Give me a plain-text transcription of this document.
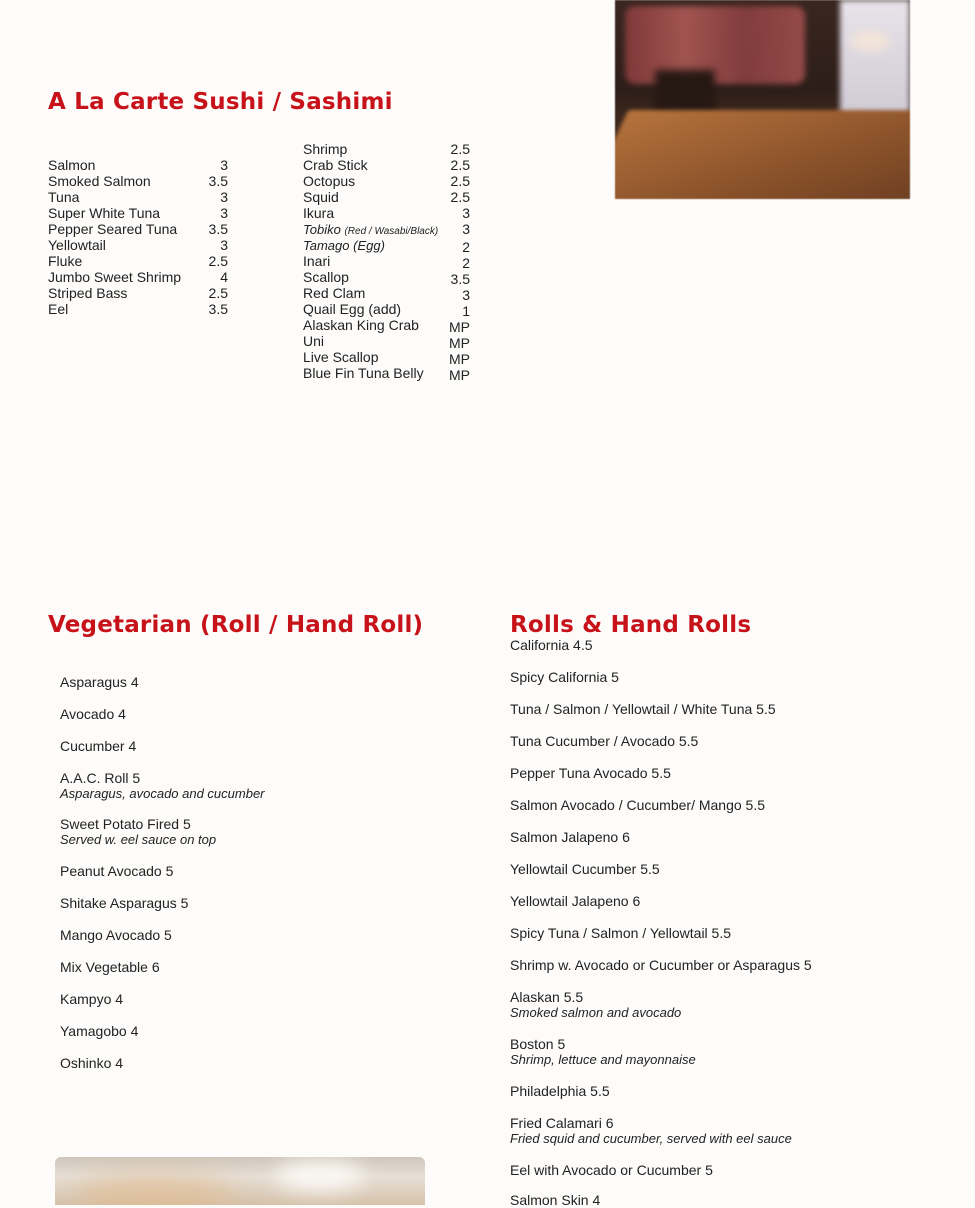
A La Carte Sushi / Sashimi
Salmon	3
Smoked Salmon	3.5
Tuna	3
Super White Tuna	3
Pepper Seared Tuna 3.5
Yellowtail	3
Fluke	2.5
Jumbo Sweet Shrimp	4
Striped Bass	2.5
Eel	3.5
Shrimp	2.5
Crab Stick	2.5
Octopus	2.5
Squid	2.5
Ikura	3
Tobiko (Red / Wasabi/Black) 3
Tamago (Egg)	2
Inari	2
Scallop	3.5
Red Clam	3
Quail Egg (add)	1
Alaskan King Crab MP
Uni	MP
Live Scallop	MP
Blue Fin Tuna Belly MP
Vegetarian (Roll / Hand Roll)
Asparagus 4
Avocado 4
Cucumber 4
A.A.C. Roll 5
Asparagus, avocado and cucumber
Sweet Potato Fired 5
Served w. eel sauce on top
Peanut Avocado 5
Shitake Asparagus 5
Mango Avocado 5
Mix Vegetable 6
Kampyo 4
Yamagobo 4
Oshinko 4
Rolls & Hand Rolls
California 4.5
Spicy California 5
Tuna / Salmon / Yellowtail / White Tuna 5.5
Tuna Cucumber / Avocado 5.5
Pepper Tuna Avocado 5.5
Salmon Avocado / Cucumber/ Mango 5.5
Salmon Jalapeno 6
Yellowtail Cucumber 5.5
Yellowtail Jalapeno 6
Spicy Tuna / Salmon / Yellowtail 5.5
Shrimp w. Avocado or Cucumber or Asparagus 5
Alaskan 5.5
Smoked salmon and avocado
Boston 5
Shrimp, lettuce and mayonnaise
Philadelphia 5.5
Fried Calamari 6
Fried squid and cucumber, served with eel sauce
Eel with Avocado or Cucumber 5
Salmon Skin 4
